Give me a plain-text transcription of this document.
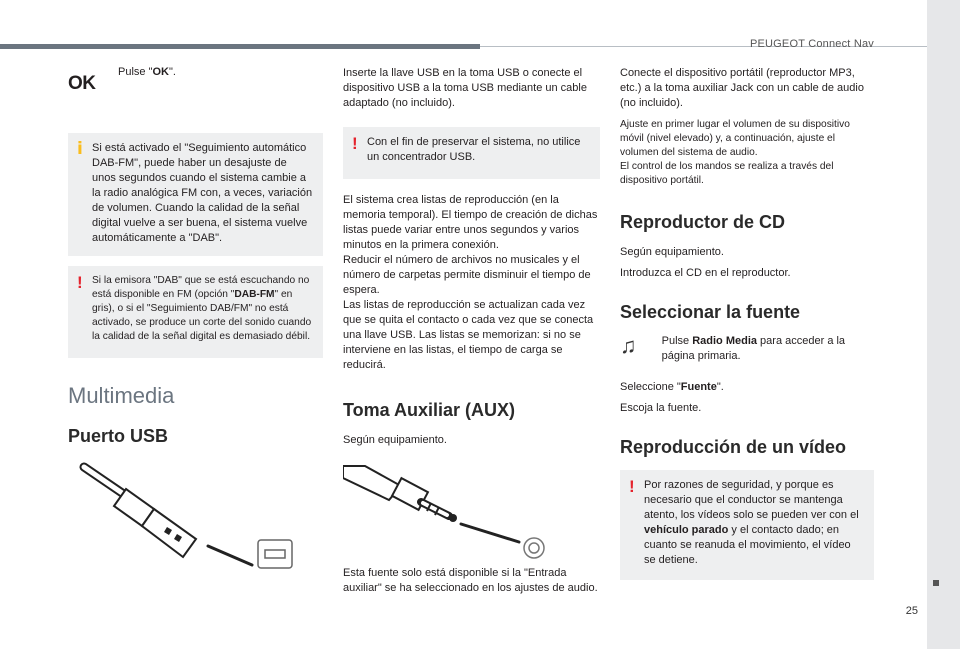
PEUGEOT Connect Nav
25
OK
Pulse "OK".
i Si está activado el "Seguimiento automático DAB-FM", puede haber un desajuste de unos segundos cuando el sistema cambie a la radio analógica FM con, a veces, variación de volumen. Cuando la calidad de la señal digital vuelve a ser buena, el sistema vuelve automáticamente a "DAB".

! Si la emisora "DAB" que se está escuchando no está disponible en FM (opción "DAB-FM" en gris), o si el "Seguimiento DAB/FM" no está activado, se produce un corte del sonido cuando la calidad de la señal digital es demasiado débil.

Multimedia
Puerto USB

Inserte la llave USB en la toma USB o conecte el dispositivo USB a la toma USB mediante un cable adaptado (no incluido).

! Con el fin de preservar el sistema, no utilice un concentrador USB.

El sistema crea listas de reproducción (en la memoria temporal). El tiempo de creación de dichas listas puede variar entre unos segundos y varios minutos en la primera conexión.

Reducir el número de archivos no musicales y el número de carpetas permite disminuir el tiempo de espera.

Las listas de reproducción se actualizan cada vez que se quita el contacto o cada vez que se conecta una llave USB. Las listas se memorizan: si no se interviene en las listas, el tiempo de carga se reducirá.

Toma Auxiliar (AUX)

Según equipamiento.

Esta fuente solo está disponible si la "Entrada auxiliar" se ha seleccionado en los ajustes de audio.

Conecte el dispositivo portátil (reproductor MP3, etc.) a la toma auxiliar Jack con un cable de audio (no incluido).

Ajuste en primer lugar el volumen de su dispositivo móvil (nivel elevado) y, a continuación, ajuste el volumen del sistema de audio.

El control de los mandos se realiza a través del dispositivo portátil.

Reproductor de CD

Según equipamiento.

Introduzca el CD en el reproductor.

Seleccionar la fuente
♫	Pulse Radio Media para acceder a la página primaria.

Seleccione "Fuente".

Escoja la fuente.

Reproducción de un vídeo
! Por razones de seguridad, y porque es necesario que el conductor se mantenga atento, los vídeos solo se pueden ver con el vehículo parado y el contacto dado; en cuanto se reanuda el movimiento, el vídeo se detiene.
